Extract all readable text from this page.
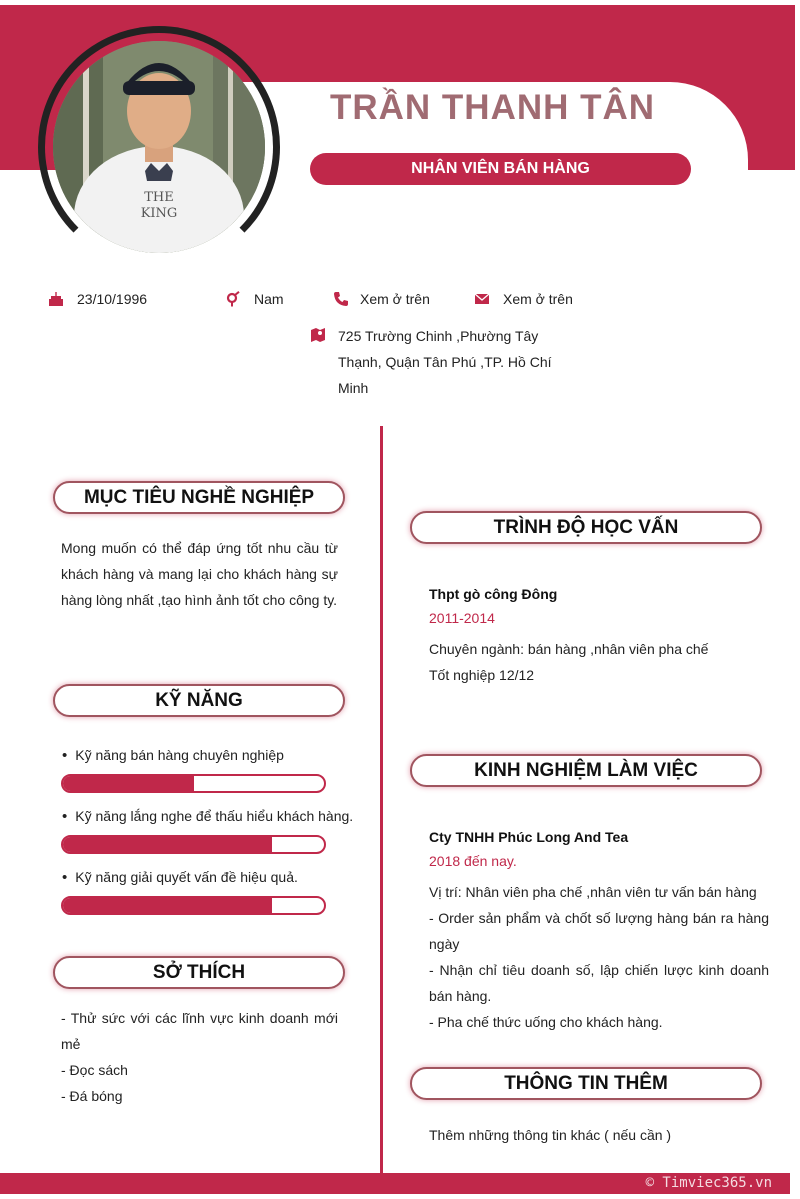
TRẦN THANH TÂN
NHÂN VIÊN BÁN HÀNG
THE
KING
23/10/1996	Nam	Xem ở trên	Xem ở trên
725 Trường Chinh ,Phường Tây Thạnh, Quận Tân Phú ,TP. Hồ Chí Minh
MỤC TIÊU NGHỀ NGHIỆP
Mong muốn có thể đáp ứng tốt nhu cầu từ khách hàng và mang lại cho khách hàng sự hàng lòng nhất ,tạo hình ảnh tốt cho công ty.
KỸ NĂNG
• Kỹ năng bán hàng chuyên nghiệp
• Kỹ năng lắng nghe để thấu hiểu khách hàng.
• Kỹ năng giải quyết vấn đề hiệu quả.
SỞ THÍCH
- Thử sức với các lĩnh vực kinh doanh mới mẻ
- Đọc sách
- Đá bóng
TRÌNH ĐỘ HỌC VẤN
Thpt gò công Đông
2011-2014
Chuyên ngành: bán hàng ,nhân viên pha chế
Tốt nghiệp 12/12
KINH NGHIỆM LÀM VIỆC
Cty TNHH Phúc Long And Tea
2018 đến nay.
Vị trí: Nhân viên pha chế ,nhân viên tư vấn bán hàng
- Order sản phẩm và chốt số lượng hàng bán ra hàng ngày
- Nhận chỉ tiêu doanh số, lập chiến lược kinh doanh bán hàng.
- Pha chế thức uống cho khách hàng.
THÔNG TIN THÊM
Thêm những thông tin khác ( nếu cần )
© Timviec365.vn
